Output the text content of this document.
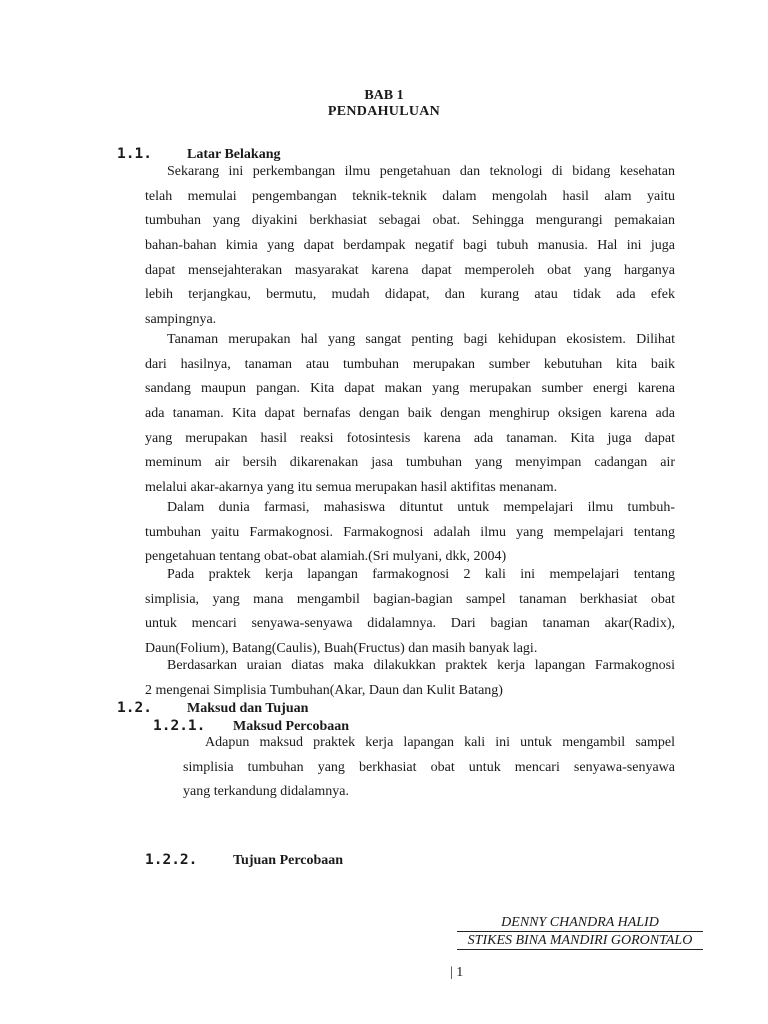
BAB 1
PENDAHULUAN
1.1.	Latar Belakang
Sekarang ini perkembangan ilmu pengetahuan dan teknologi di bidang kesehatan
telah memulai pengembangan teknik-teknik dalam mengolah hasil alam yaitu
tumbuhan yang diyakini berkhasiat sebagai obat. Sehingga mengurangi pemakaian
bahan-bahan kimia yang dapat berdampak negatif bagi tubuh manusia. Hal ini juga
dapat mensejahterakan masyarakat karena dapat memperoleh obat yang harganya
lebih terjangkau, bermutu, mudah didapat, dan kurang atau tidak ada efek
sampingnya.
Tanaman merupakan hal yang sangat penting bagi kehidupan ekosistem. Dilihat
dari hasilnya, tanaman atau tumbuhan merupakan sumber kebutuhan kita baik
sandang maupun pangan. Kita dapat makan yang merupakan sumber energi karena
ada tanaman. Kita dapat bernafas dengan baik dengan menghirup oksigen karena ada
yang merupakan hasil reaksi fotosintesis karena ada tanaman. Kita juga dapat
meminum air bersih dikarenakan jasa tumbuhan yang menyimpan cadangan air
melalui akar-akarnya yang itu semua merupakan hasil aktifitas menanam.
Dalam dunia farmasi, mahasiswa dituntut untuk mempelajari ilmu tumbuh-
tumbuhan yaitu Farmakognosi. Farmakognosi adalah ilmu yang mempelajari tentang
pengetahuan tentang obat-obat alamiah.(Sri mulyani, dkk, 2004)
Pada praktek kerja lapangan farmakognosi 2 kali ini mempelajari tentang
simplisia, yang mana mengambil bagian-bagian sampel tanaman berkhasiat obat
untuk mencari senyawa-senyawa didalamnya. Dari bagian tanaman akar(Radix),
Daun(Folium), Batang(Caulis), Buah(Fructus) dan masih banyak lagi.
Berdasarkan uraian diatas maka dilakukkan praktek kerja lapangan Farmakognosi
2 mengenai Simplisia Tumbuhan(Akar, Daun dan Kulit Batang)
1.2.	Maksud dan Tujuan
1.2.1. Maksud Percobaan
Adapun maksud praktek kerja lapangan kali ini untuk mengambil sampel
simplisia tumbuhan yang berkhasiat obat untuk mencari senyawa-senyawa
yang terkandung didalamnya.
1.2.2.	Tujuan Percobaan
DENNY CHANDRA HALID
STIKES BINA MANDIRI GORONTALO
| 1
